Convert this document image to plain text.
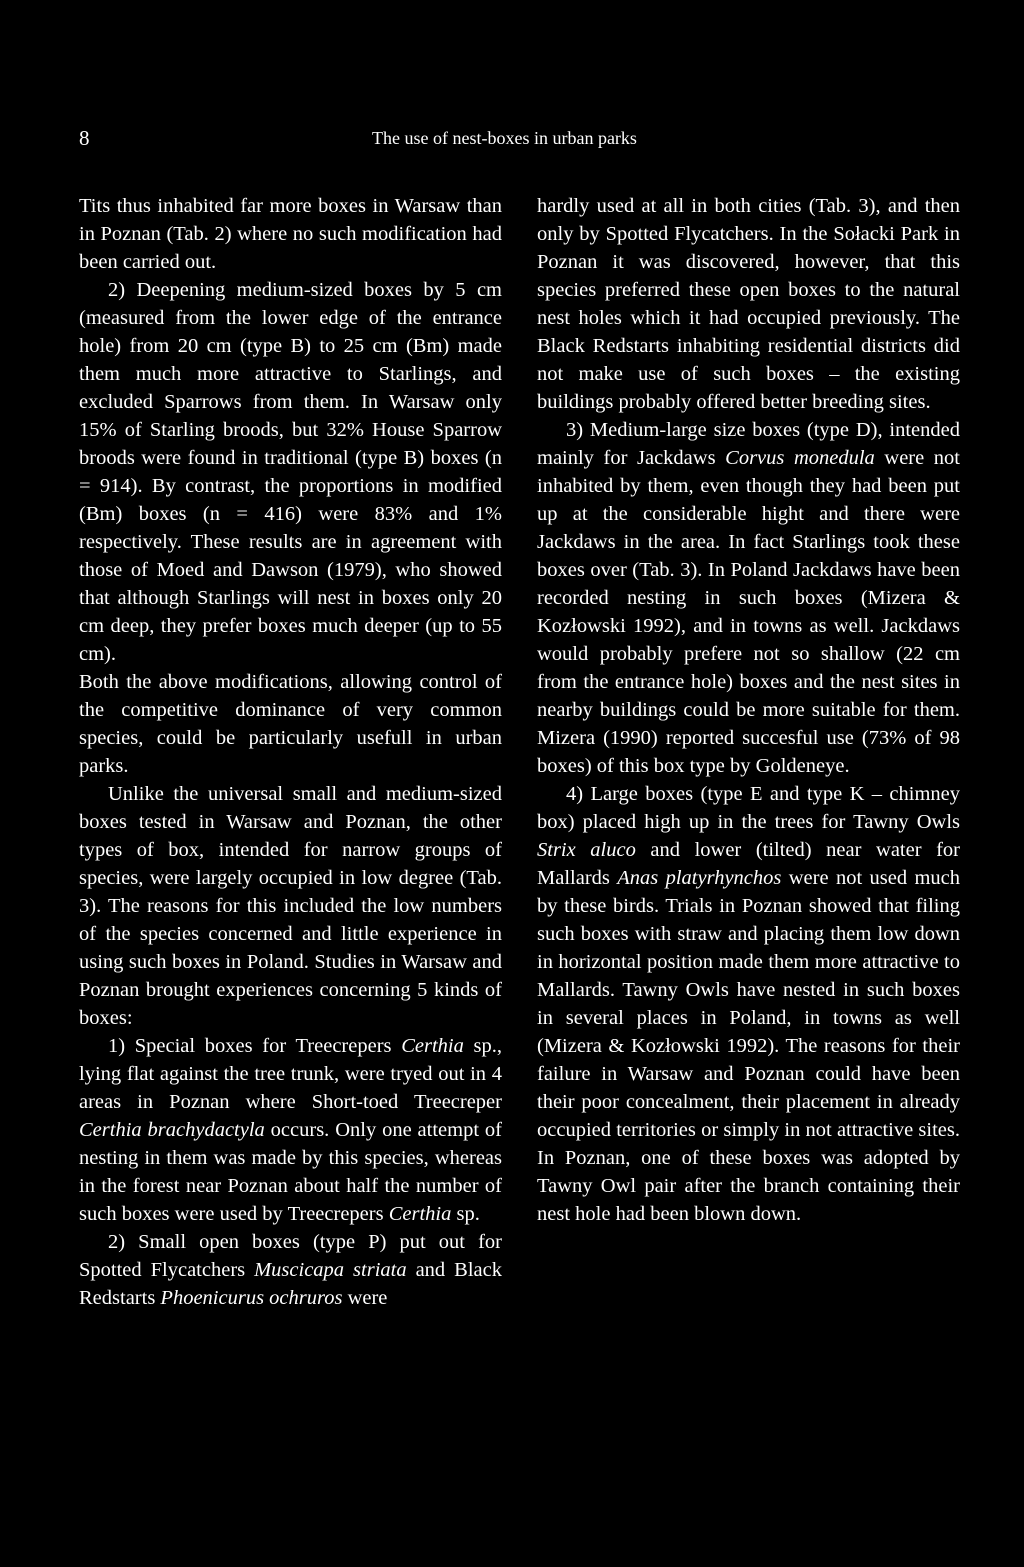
8	The use of nest-boxes in urban parks

Tits thus inhabited far more boxes in Warsaw than in Poznan (Tab. 2) where no such modification had been carried out.

2) Deepening medium-sized boxes by 5 cm (measured from the lower edge of the entrance hole) from 20 cm (type B) to 25 cm (Bm) made them much more attractive to Starlings, and excluded Sparrows from them. In Warsaw only 15% of Starling broods, but 32% House Sparrow broods were found in traditional (type B) boxes (n = 914). By contrast, the proportions in modified (Bm) boxes (n = 416) were 83% and 1% respectively. These results are in agreement with those of Moed and Dawson (1979), who showed that although Starlings will nest in boxes only 20 cm deep, they prefer boxes much deeper (up to 55 cm).

Both the above modifications, allowing control of the competitive dominance of very common species, could be particularly usefull in urban parks.

Unlike the universal small and medium-sized boxes tested in Warsaw and Poznan, the other types of box, intended for narrow groups of species, were largely occupied in low degree (Tab. 3). The reasons for this included the low numbers of the species concerned and little experience in using such boxes in Poland. Studies in Warsaw and Poznan brought experiences concerning 5 kinds of boxes:

1) Special boxes for Treecrepers Certhia sp., lying flat against the tree trunk, were tryed out in 4 areas in Poznan where Short-toed Treecreper Certhia brachydactyla occurs. Only one attempt of nesting in them was made by this species, whereas in the forest near Poznan about half the number of such boxes were used by Treecrepers Certhia sp.

2) Small open boxes (type P) put out for Spotted Flycatchers Muscicapa striata and Black Redstarts Phoenicurus ochruros were

hardly used at all in both cities (Tab. 3), and then only by Spotted Flycatchers. In the Sołacki Park in Poznan it was discovered, however, that this species preferred these open boxes to the natural nest holes which it had occupied previously. The Black Redstarts inhabiting residential districts did not make use of such boxes – the existing buildings probably offered better breeding sites.

3) Medium-large size boxes (type D), intended mainly for Jackdaws Corvus monedula were not inhabited by them, even though they had been put up at the considerable hight and there were Jackdaws in the area. In fact Starlings took these boxes over (Tab. 3). In Poland Jackdaws have been recorded nesting in such boxes (Mizera & Kozłowski 1992), and in towns as well. Jackdaws would probably prefere not so shallow (22 cm from the entrance hole) boxes and the nest sites in nearby buildings could be more suitable for them. Mizera (1990) reported succesful use (73% of 98 boxes) of this box type by Goldeneye.

4) Large boxes (type E and type K – chimney box) placed high up in the trees for Tawny Owls Strix aluco and lower (tilted) near water for Mallards Anas platyrhynchos were not used much by these birds. Trials in Poznan showed that filing such boxes with straw and placing them low down in horizontal position made them more attractive to Mallards. Tawny Owls have nested in such boxes in several places in Poland, in towns as well (Mizera & Kozłowski 1992). The reasons for their failure in Warsaw and Poznan could have been their poor concealment, their placement in already occupied territories or simply in not attractive sites. In Poznan, one of these boxes was adopted by Tawny Owl pair after the branch containing their nest hole had been blown down.
